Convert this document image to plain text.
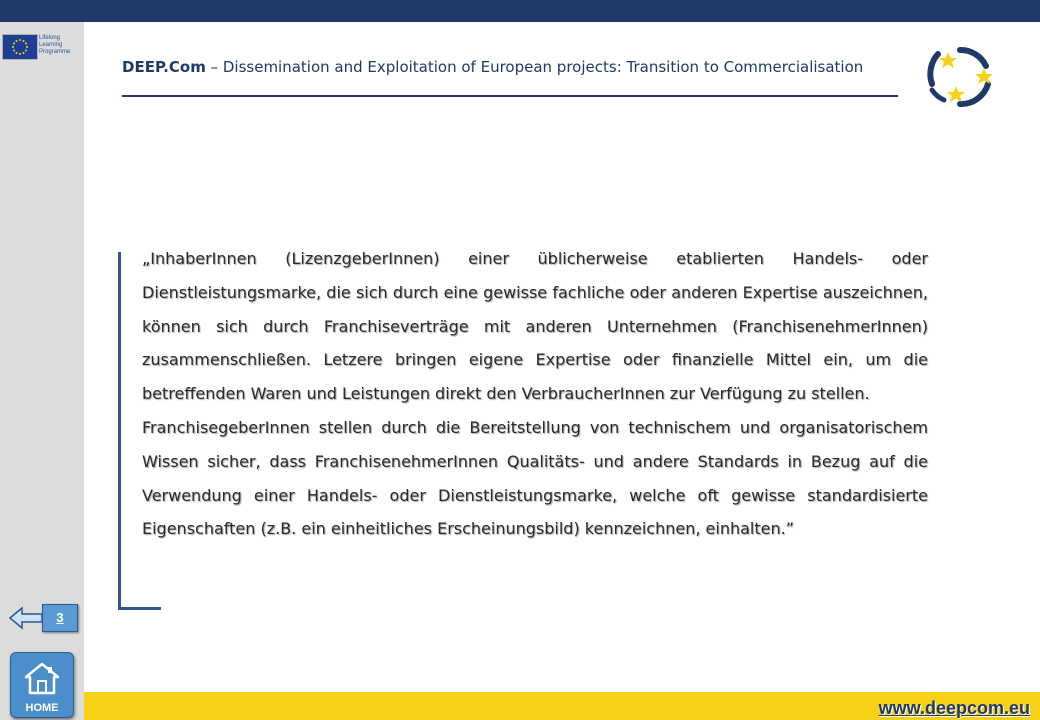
Lifelong
Learning
Programme
DEEP.Com – Dissemination and Exploitation of European projects: Transition to Commercialisation

„InhaberInnen (LizenzgeberInnen) einer üblicherweise etablierten Handels- oder Dienstleistungsmarke, die sich durch eine gewisse fachliche oder anderen Expertise auszeichnen, können sich durch Franchiseverträge mit anderen Unternehmen (FranchisenehmerInnen) zusammenschließen. Letzere bringen eigene Expertise oder finanzielle Mittel ein, um die betreffenden Waren und Leistungen direkt den VerbraucherInnen zur Verfügung zu stellen.

FranchisegeberInnen stellen durch die Bereitstellung von technischem und organisatorischem Wissen sicher, dass FranchisenehmerInnen Qualitäts- und andere Standards in Bezug auf die Verwendung einer Handels- oder Dienstleistungsmarke, welche oft gewisse standardisierte Eigenschaften (z.B. ein einheitliches Erscheinungsbild) kennzeichnen, einhalten.”

3
HOME	www.deepcom.eu
